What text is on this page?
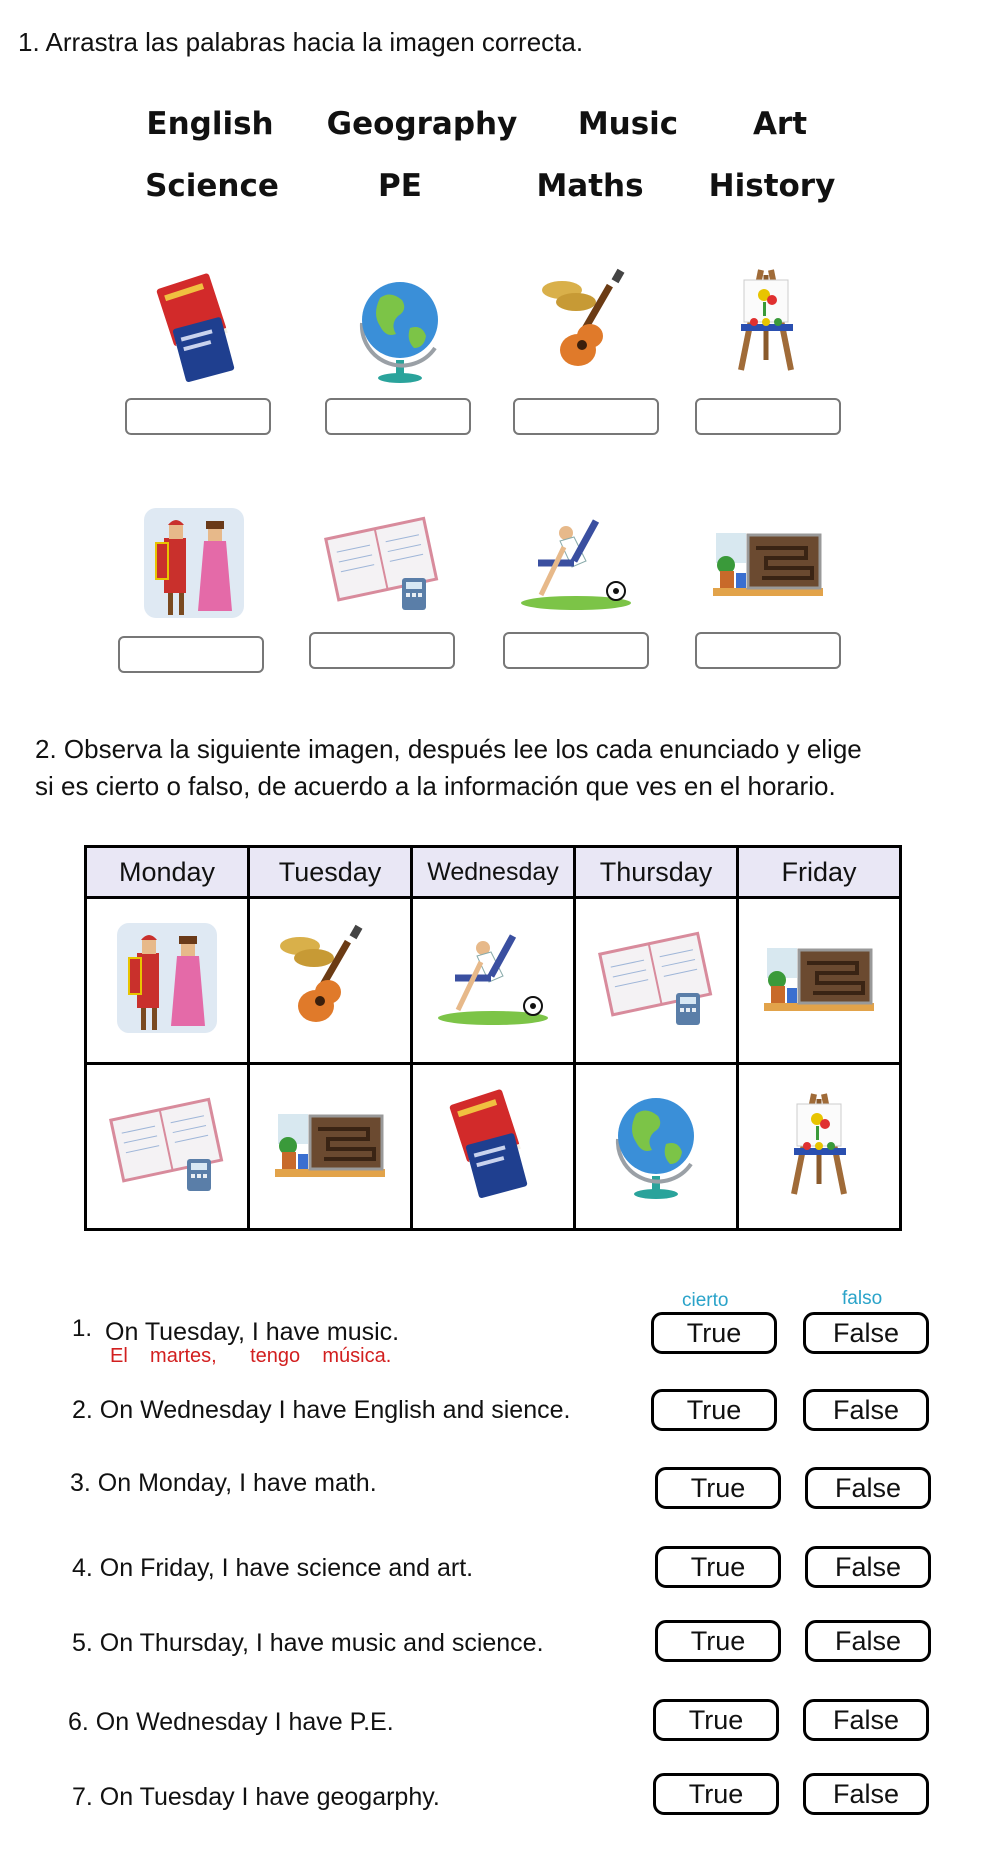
1. Arrastra las palabras hacia la imagen correcta.
English	Geography	Music	Art
Science	PE	Maths	History
2. Observa la siguiente imagen, después lee los cada enunciado y elige
si es cierto o falso, de acuerdo a la información que ves en el horario.
Monday	Tuesday	Wednesday	Thursday	Friday

cierto	falso
1. On Tuesday, I have music.
El martes, tengo música.
True	False
2. On Wednesday I have English and sience.	True	False
3. On Monday, I have math.	True	False
4. On Friday, I have science and art.	True	False
5. On Thursday, I have music and science.	True	False
6. On Wednesday I have P.E.	True	False
7. On Tuesday I have geogarphy.	True	False
